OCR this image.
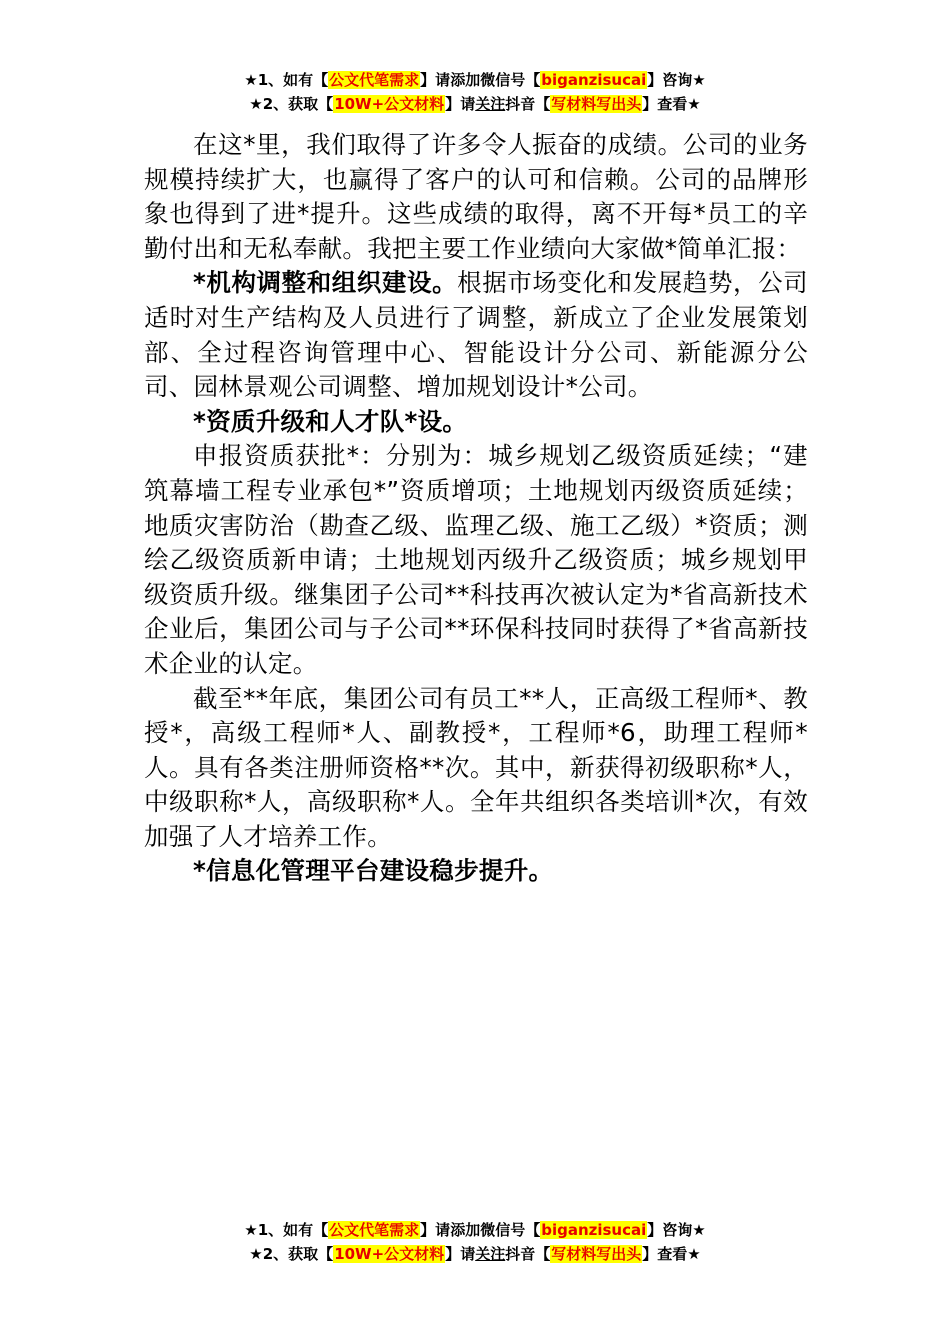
★1、如有【公文代笔需求】请添加微信号【biganzisucai】咨询★
★2、获取【10W+公文材料】请关注抖音【写材料写出头】查看★

在这*里，我们取得了许多令人振奋的成绩。公司的业务规模持续扩大，也赢得了客户的认可和信赖。公司的品牌形象也得到了进*提升。这些成绩的取得，离不开每*员工的辛勤付出和无私奉献。我把主要工作业绩向大家做*简单汇报：

*机构调整和组织建设。根据市场变化和发展趋势，公司适时对生产结构及人员进行了调整，新成立了企业发展策划部、全过程咨询管理中心、智能设计分公司、新能源分公司、园林景观公司调整、增加规划设计*公司。

*资质升级和人才队*设。

申报资质获批*：分别为：城乡规划乙级资质延续；“建筑幕墙工程专业承包*”资质增项；土地规划丙级资质延续；地质灾害防治（勘查乙级、监理乙级、施工乙级）*资质；测绘乙级资质新申请；土地规划丙级升乙级资质；城乡规划甲级资质升级。继集团子公司**科技再次被认定为*省高新技术企业后，集团公司与子公司**环保科技同时获得了*省高新技术企业的认定。

截至**年底，集团公司有员工**人，正高级工程师*、教授*，高级工程师*人、副教授*，工程师*6，助理工程师*人。具有各类注册师资格**次。其中，新获得初级职称*人，中级职称*人，高级职称*人。全年共组织各类培训*次，有效加强了人才培养工作。

*信息化管理平台建设稳步提升。

★1、如有【公文代笔需求】请添加微信号【biganzisucai】咨询★
★2、获取【10W+公文材料】请关注抖音【写材料写出头】查看★
